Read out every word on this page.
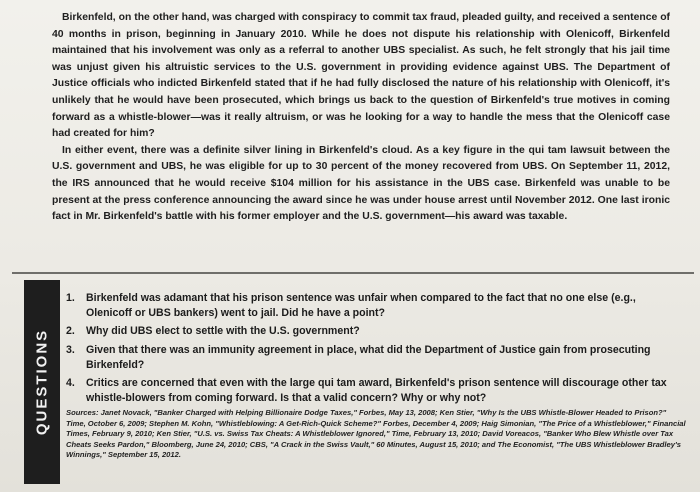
Birkenfeld, on the other hand, was charged with conspiracy to commit tax fraud, pleaded guilty, and received a sentence of 40 months in prison, beginning in January 2010. While he does not dispute his relationship with Olenicoff, Birkenfeld maintained that his involvement was only as a referral to another UBS specialist. As such, he felt strongly that his jail time was unjust given his altruistic services to the U.S. government in providing evidence against UBS. The Department of Justice officials who indicted Birkenfeld stated that if he had fully disclosed the nature of his relationship with Olenicoff, it's unlikely that he would have been prosecuted, which brings us back to the question of Birkenfeld's true motives in coming forward as a whistle-blower—was it really altruism, or was he looking for a way to handle the mess that the Olenicoff case had created for him?

In either event, there was a definite silver lining in Birkenfeld's cloud. As a key figure in the qui tam lawsuit between the U.S. government and UBS, he was eligible for up to 30 percent of the money recovered from UBS. On September 11, 2012, the IRS announced that he would receive $104 million for his assistance in the UBS case. Birkenfeld was unable to be present at the press conference announcing the award since he was under house arrest until November 2012. One last ironic fact in Mr. Birkenfeld's battle with his former employer and the U.S. government—his award was taxable.

QUESTIONS
1. Birkenfeld was adamant that his prison sentence was unfair when compared to the fact that no one else (e.g., Olenicoff or UBS bankers) went to jail. Did he have a point?
2. Why did UBS elect to settle with the U.S. government?
3. Given that there was an immunity agreement in place, what did the Department of Justice gain from prosecuting Birkenfeld?
4. Critics are concerned that even with the large qui tam award, Birkenfeld's prison sentence will discourage other tax whistle-blowers from coming forward. Is that a valid concern? Why or why not?
Sources: Janet Novack, "Banker Charged with Helping Billionaire Dodge Taxes," Forbes, May 13, 2008; Ken Stier, "Why Is the UBS Whistle-Blower Headed to Prison?" Time, October 6, 2009; Stephen M. Kohn, "Whistleblowing: A Get-Rich-Quick Scheme?" Forbes, December 4, 2009; Haig Simonian, "The Price of a Whistleblower," Financial Times, February 9, 2010; Ken Stier, "U.S. vs. Swiss Tax Cheats: A Whistleblower Ignored," Time, February 13, 2010; David Voreacos, "Banker Who Blew Whistle over Tax Cheats Seeks Pardon," Bloomberg, June 24, 2010; CBS, "A Crack in the Swiss Vault," 60 Minutes, August 15, 2010; and The Economist, "The UBS Whistleblower Bradley's Winnings," September 15, 2012.
